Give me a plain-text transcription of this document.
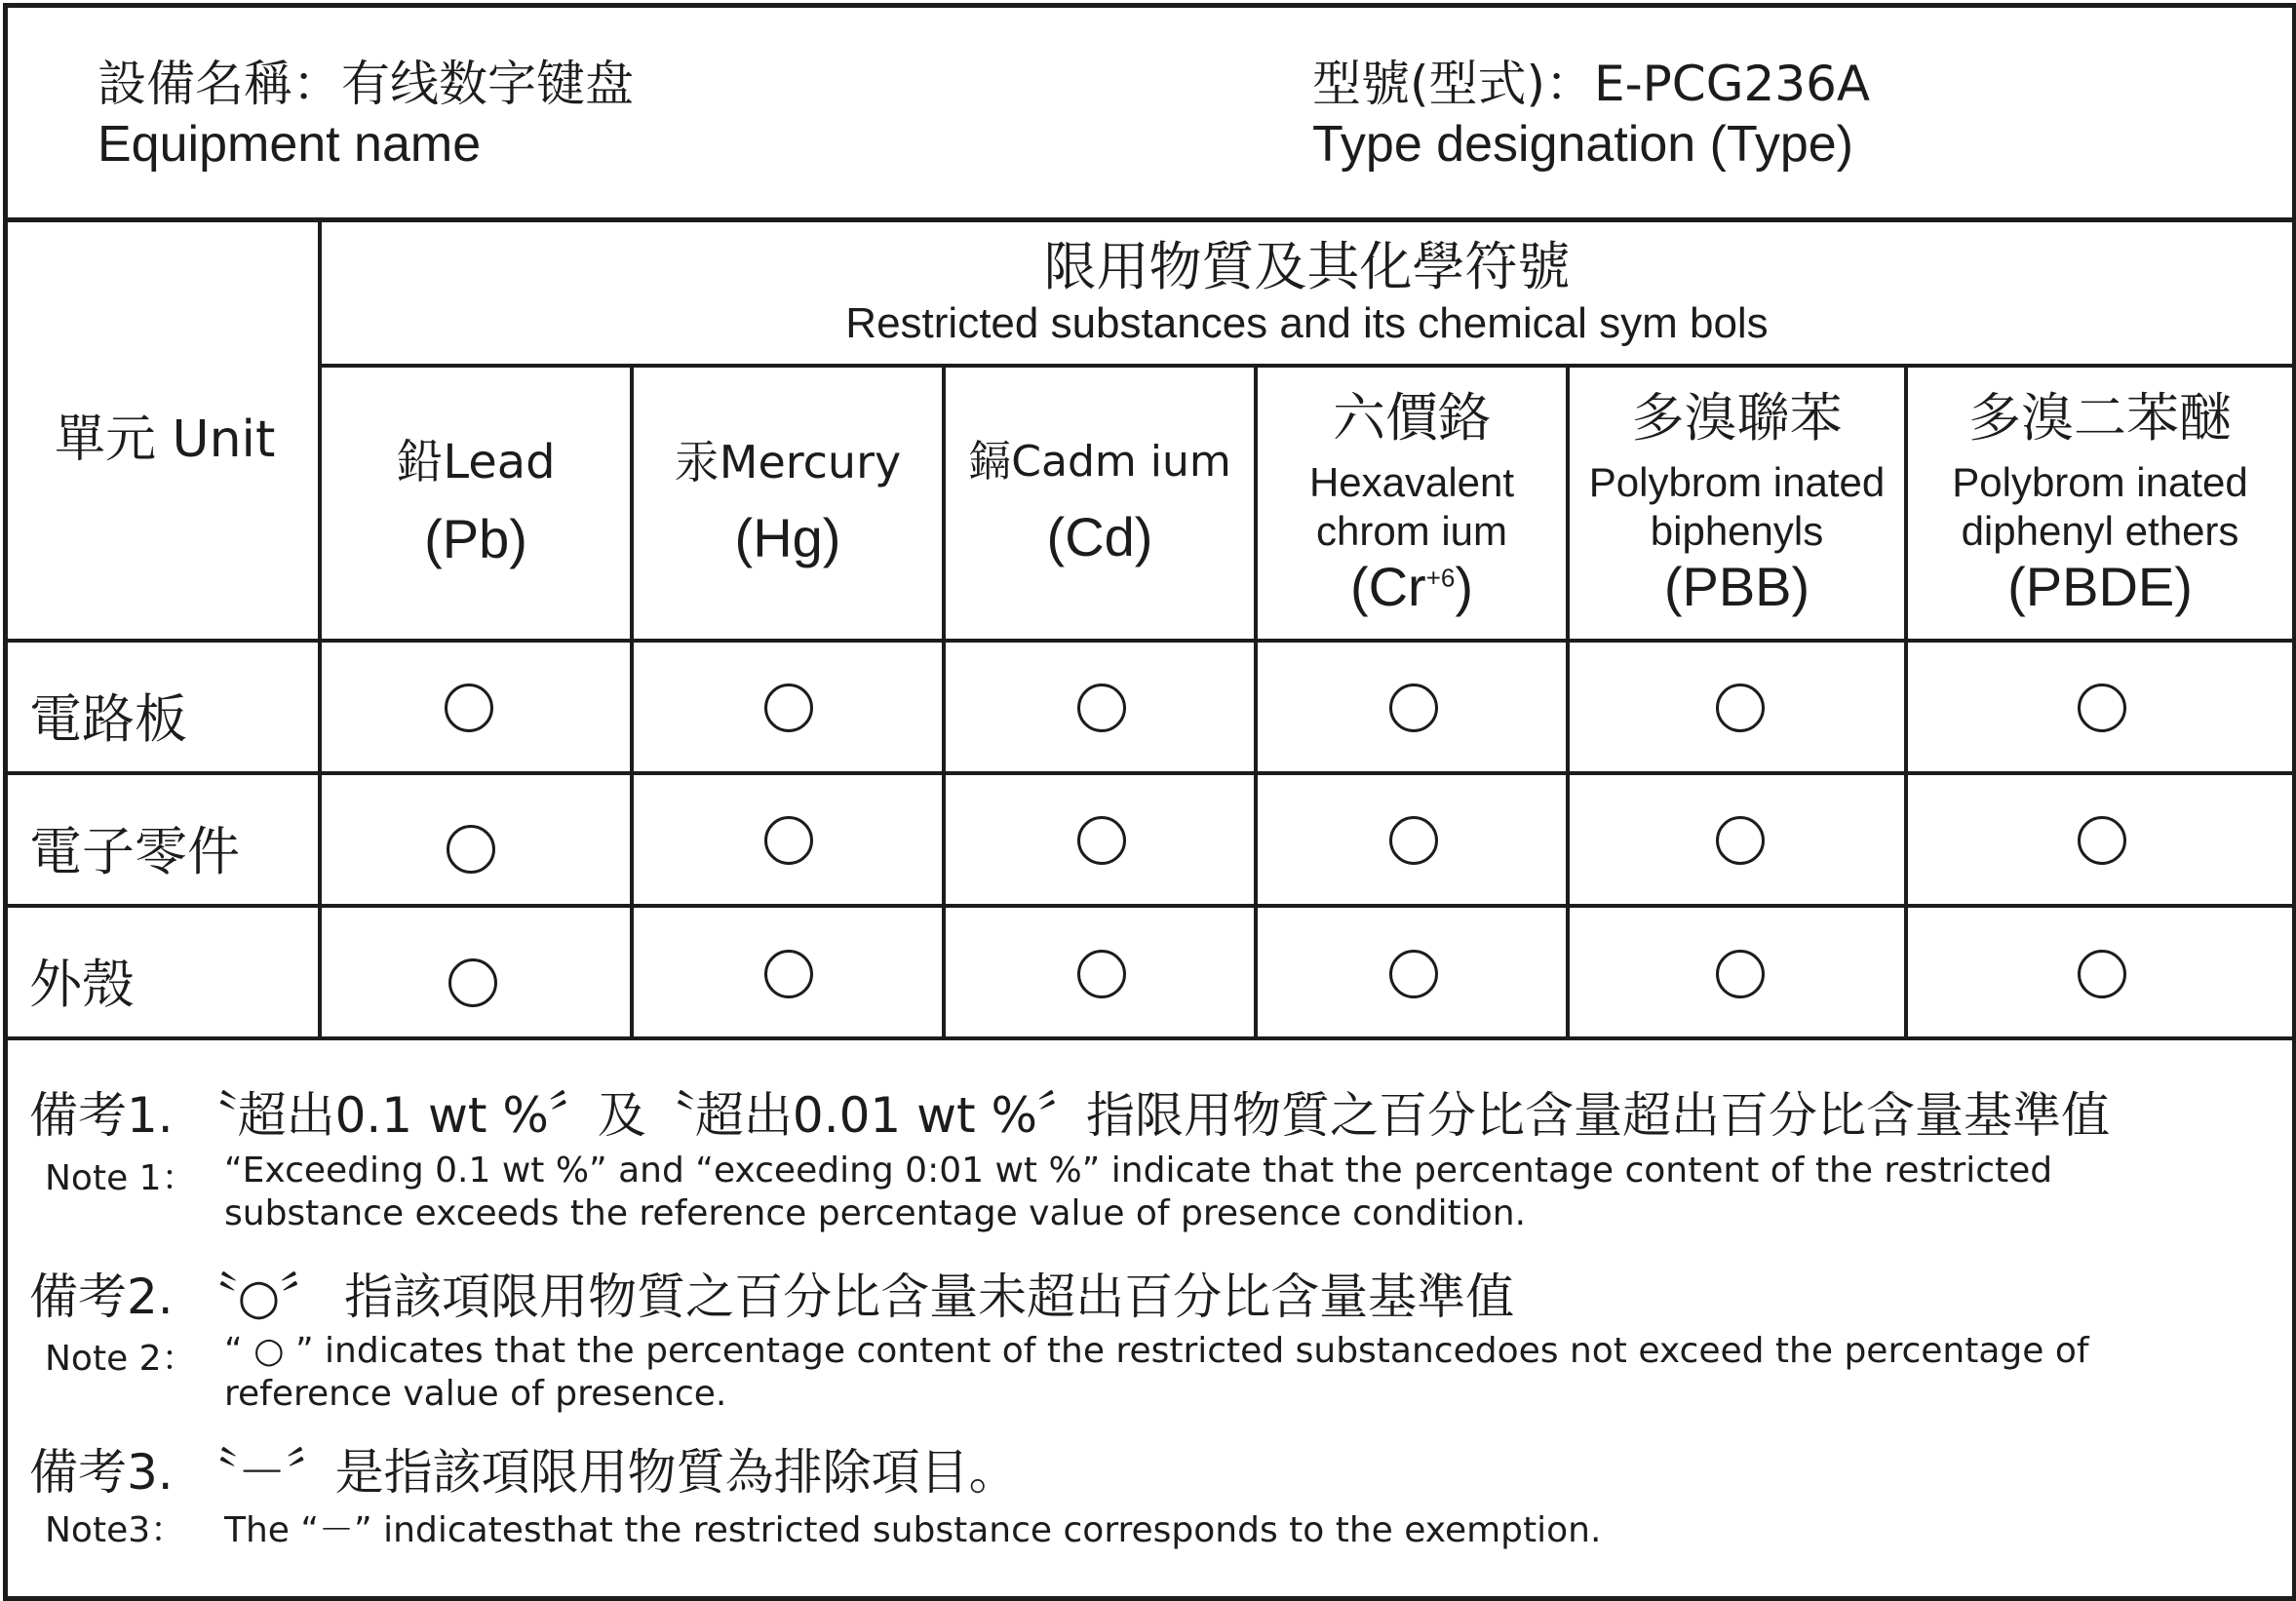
設備名稱：有线数字键盘
Equipment name
型號(型式)：E-PCG236A
Type designation (Type)
單元 Unit
限用物質及其化學符號
Restricted substances and its chemical sym bols
鉛Lead
(Pb)
汞Mercury
(Hg)
鎘Cadm ium
(Cd)
六價鉻
Hexavalent
chrom ium
$(Cr^{+6})$
多溴聯苯
Polybrom inated
biphenyls
(PBB)
多溴二苯醚
Polybrom inated
diphenyl ethers
(PBDE)
電路板
電子零件
外殼
備考1. 〝超出0.1 wt %〞及〝超出0.01 wt %〞指限用物質之百分比含量超出百分比含量基準值
Note 1： “Exceeding 0.1 wt %” and “exceeding 0:01 wt %” indicate that the percentage content of the restricted
substance exceeds the reference percentage value of presence condition.
備考2. 〝○〞 指該項限用物質之百分比含量未超出百分比含量基準值
Note 2： “ ○ ” indicates that the percentage content of the restricted substancedoes not exceed the percentage of
reference value of presence.
備考3. 〝－〞是指該項限用物質為排除項目。
Note3： The “－” indicatesthat the restricted substance corresponds to the exemption.
